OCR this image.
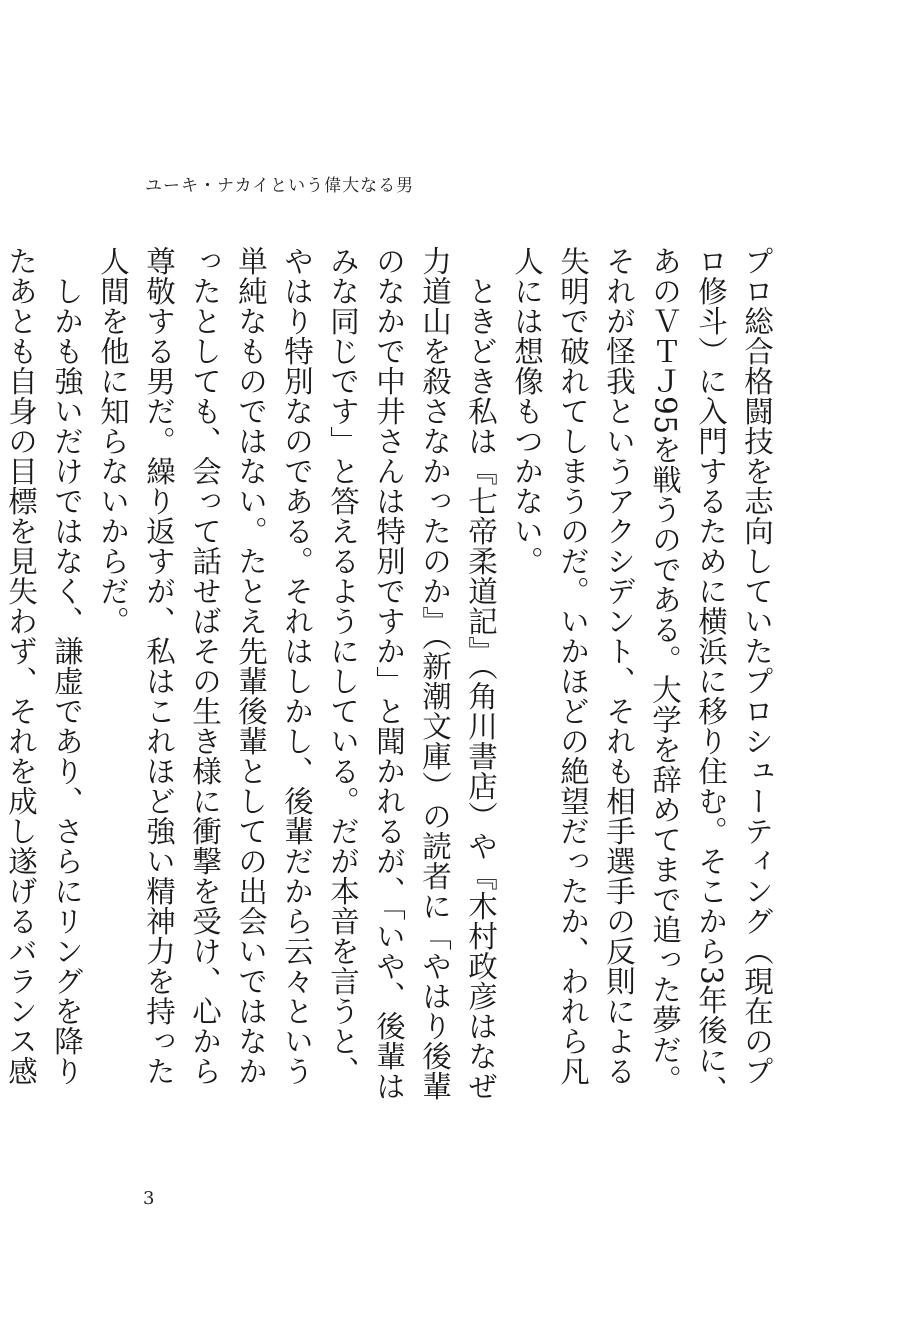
ユーキ・ナカイという偉大なる男

プロ総合格闘技を志向していたプロシューティング（現在のプロ修斗）に入門するために横浜に移り住む。そこから3年後に、あのＶＴＪ95を戦うのである。大学を辞めてまで追った夢だ。それが怪我というアクシデント、それも相手選手の反則による失明で破れてしまうのだ。いかほどの絶望だったか、われら凡人には想像もつかない。

ときどき私は『七帝柔道記』（角川書店）や『木村政彦はなぜ力道山を殺さなかったのか』（新潮文庫）の読者に「やはり後輩のなかで中井さんは特別ですか」と聞かれるが、「いや、後輩はみな同じです」と答えるようにしている。だが本音を言うと、やはり特別なのである。それはしかし、後輩だから云々という単純なものではない。たとえ先輩後輩としての出会いではなかったとしても、会って話せばその生き様に衝撃を受け、心から尊敬する男だ。繰り返すが、私はこれほど強い精神力を持った人間を他に知らないからだ。

しかも強いだけではなく、謙虚であり、さらにリングを降りたあとも自身の目標を見失わず、それを成し遂げるバランス感

3
